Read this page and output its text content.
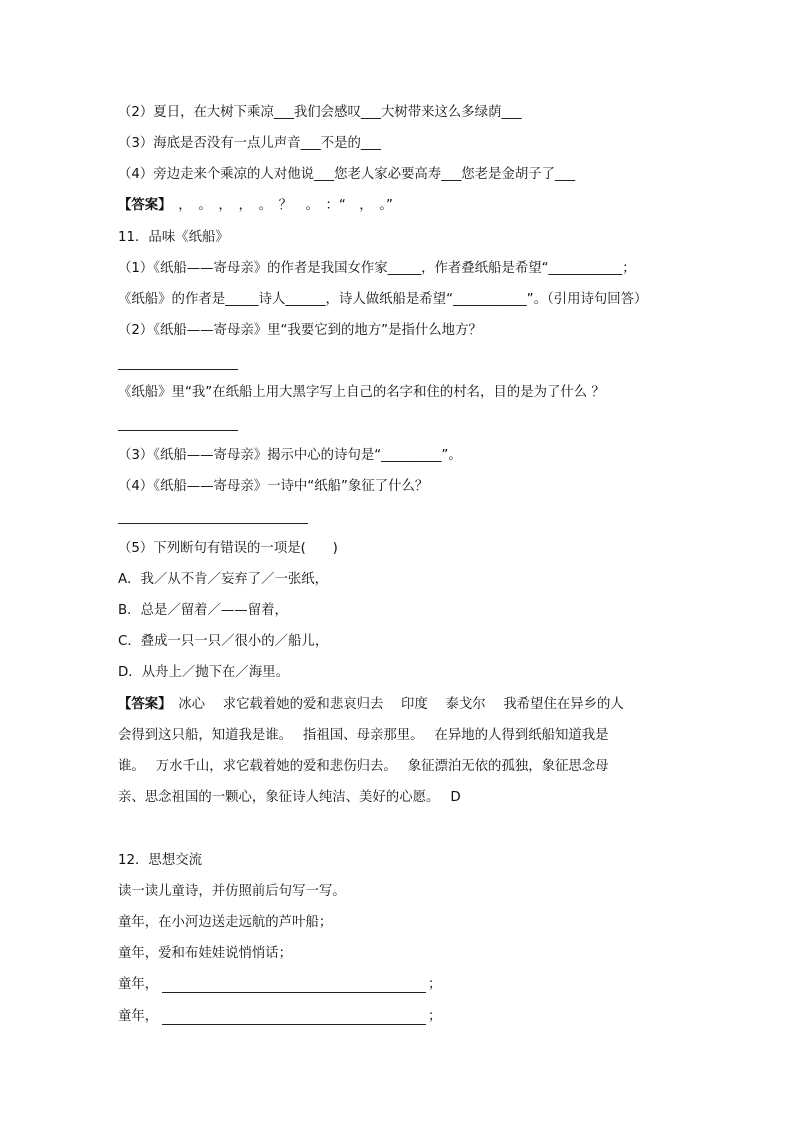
（2）夏日，在大树下乘凉___我们会感叹___大树带来这么多绿荫___
（3）海底是否没有一点儿声音___不是的___
（4）旁边走来个乘凉的人对他说___您老人家必要高寿___您老是金胡子了___
【答案】　，　。　，　，　。　？　。　：“　，　。”
11．品味《纸船》
（1）《纸船——寄母亲》的作者是我国女作家_____，作者叠纸船是希望“___________；
《纸船》的作者是_____诗人______，诗人做纸船是希望“___________”。（引用诗句回答）
（2）《纸船——寄母亲》里“我要它到的地方”是指什么地方？
《纸船》里“我”在纸船上用大黑字写上自己的名字和住的村名，目的是为了什么 ？
（3）《纸船——寄母亲》揭示中心的诗句是“_________”。
（4）《纸船——寄母亲》一诗中“纸船”象征了什么？
（5）下列断句有错误的一项是(　　)
A．我／从不肯／妄弃了／一张纸，
B．总是／留着／——留着，
C．叠成一只一只／很小的／船儿，
D．从舟上／抛下在／海里。
【答案】　冰心　 求它载着她的爱和悲哀归去　 印度　 泰戈尔　 我希望住在异乡的人
会得到这只船，知道我是谁。　 指祖国、母亲那里。　 在异地的人得到纸船知道我是
谁。　 万水千山，求它载着她的爱和悲伤归去。　 象征漂泊无依的孤独，象征思念母
亲、思念祖国的一颗心，象征诗人纯洁、美好的心愿。　 D
12．思想交流
读一读儿童诗，并仿照前后句写一写。
童年，在小河边送走远航的芦叶船；
童年，爱和布娃娃说悄悄话；
童年，	；
童年，	；
